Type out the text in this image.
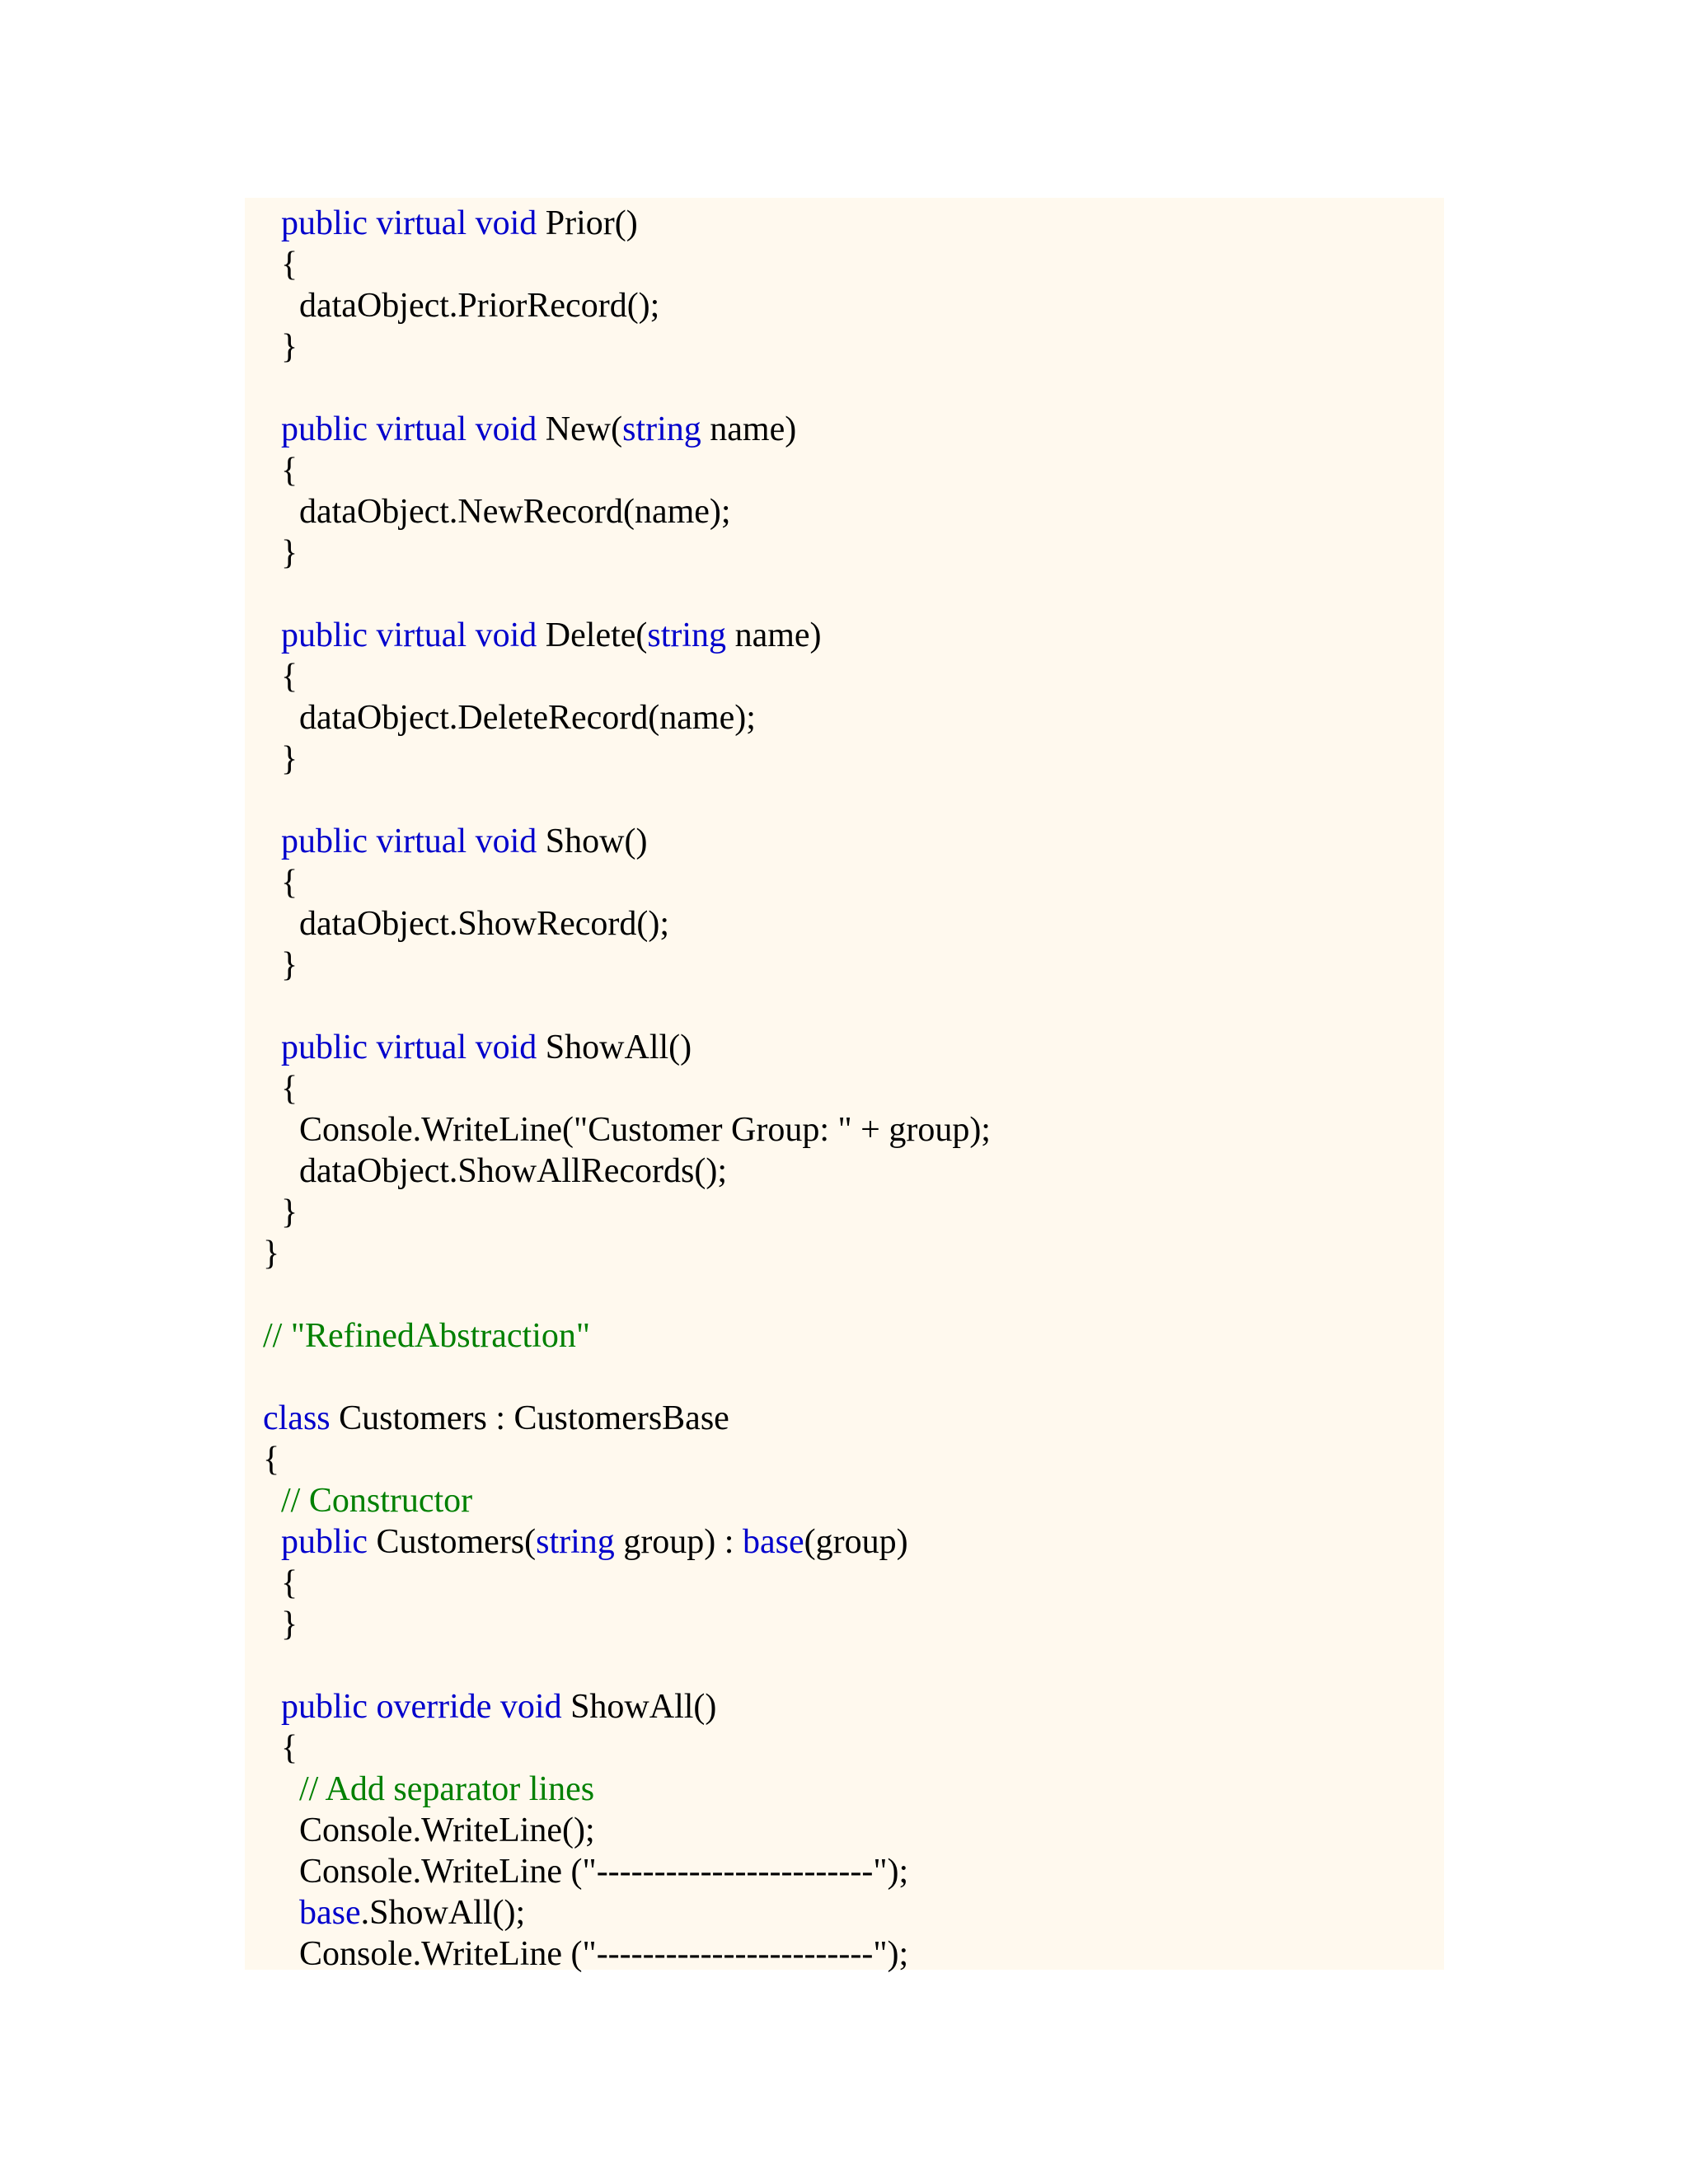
public virtual void Prior()
{
dataObject.PriorRecord();
}
public virtual void New(string name)
{
dataObject.NewRecord(name);
}
public virtual void Delete(string name)
{
dataObject.DeleteRecord(name);
}
public virtual void Show()
{
dataObject.ShowRecord();
}
public virtual void ShowAll()
{
Console.WriteLine("Customer Group: " + group);
dataObject.ShowAllRecords();
}
}
// "RefinedAbstraction"
class Customers : CustomersBase
{
// Constructor
public Customers(string group) : base(group)
{
}
public override void ShowAll()
{
// Add separator lines
Console.WriteLine();
Console.WriteLine ("------------------------");
base.ShowAll();
Console.WriteLine ("------------------------");
